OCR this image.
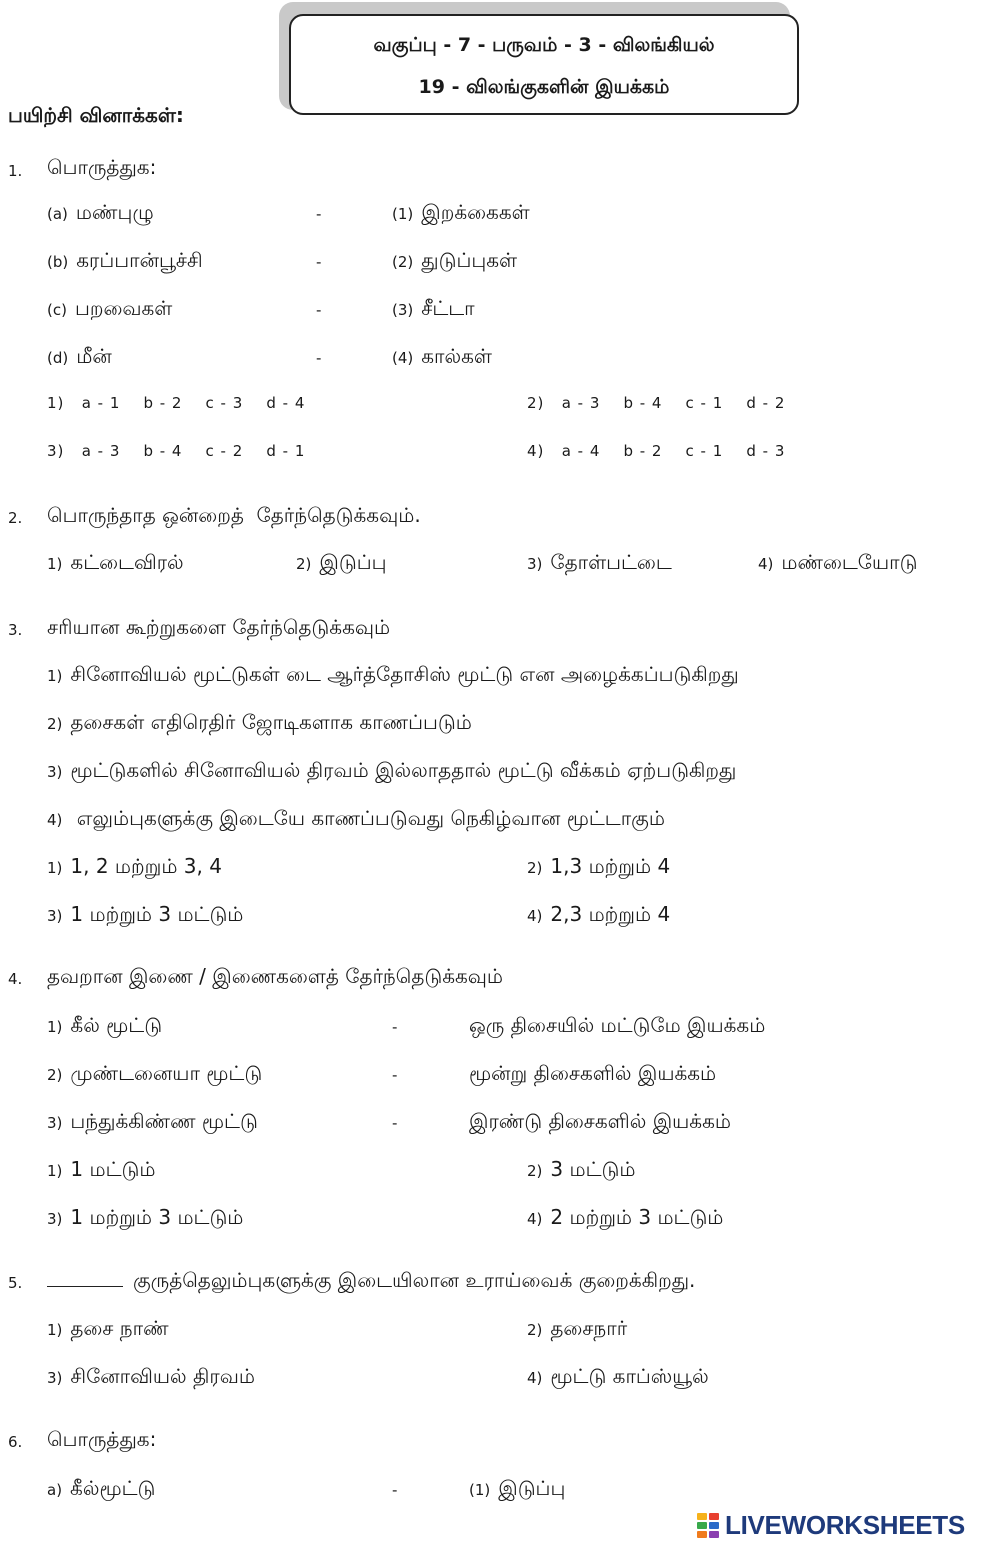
வகுப்பு - 7 - பருவம் - 3 - விலங்கியல்
19 - விலங்குகளின் இயக்கம்
பயிற்சி வினாக்கள்:
1. பொருத்துக:
(a) மண்புழு	-	(1) இறக்கைகள்
(b) கரப்பான்பூச்சி	-	(2) துடுப்புகள்
(c) பறவைகள்	-	(3) சீட்டா
(d) மீன்	-	(4) கால்கள்
1)   a - 1    b - 2    c - 3    d - 4	2)   a - 3    b - 4    c - 1    d - 2
3)   a - 3    b - 4    c - 2    d - 1	4)   a - 4    b - 2    c - 1    d - 3
2. பொருந்தாத ஒன்றைத்  தேர்ந்தெடுக்கவும்.
1) கட்டைவிரல்	2) இடுப்பு	3) தோள்பட்டை	4) மண்டையோடு
3. சரியான கூற்றுகளை தேர்ந்தெடுக்கவும்
1) சினோவியல் மூட்டுகள் டை ஆர்த்தோசிஸ் மூட்டு என அழைக்கப்படுகிறது
2) தசைகள் எதிரெதிர் ஜோடிகளாக காணப்படும்
3) மூட்டுகளில் சினோவியல் திரவம் இல்லாததால் மூட்டு வீக்கம் ஏற்படுகிறது
4) எலும்புகளுக்கு இடையே காணப்படுவது நெகிழ்வான மூட்டாகும்
1) 1, 2 மற்றும் 3, 4	2) 1,3 மற்றும் 4
3) 1 மற்றும் 3 மட்டும்	4) 2,3 மற்றும் 4
4. தவறான இணை / இணைகளைத் தேர்ந்தெடுக்கவும்
1) கீல் மூட்டு	-	ஒரு திசையில் மட்டுமே இயக்கம்
2) முண்டனையா மூட்டு	-	மூன்று திசைகளில் இயக்கம்
3) பந்துக்கிண்ண மூட்டு	-	இரண்டு திசைகளில் இயக்கம்
1) 1 மட்டும்	2) 3 மட்டும்
3) 1 மற்றும் 3 மட்டும்	4) 2 மற்றும் 3 மட்டும்
5.	குருத்தெலும்புகளுக்கு இடையிலான உராய்வைக் குறைக்கிறது.
1) தசை நாண்	2) தசைநார்
3) சினோவியல் திரவம்	4) மூட்டு காப்ஸ்யூல்
6. பொருத்துக:
a) கீல்மூட்டு	-	(1) இடுப்பு
LIVEWORKSHEETS
